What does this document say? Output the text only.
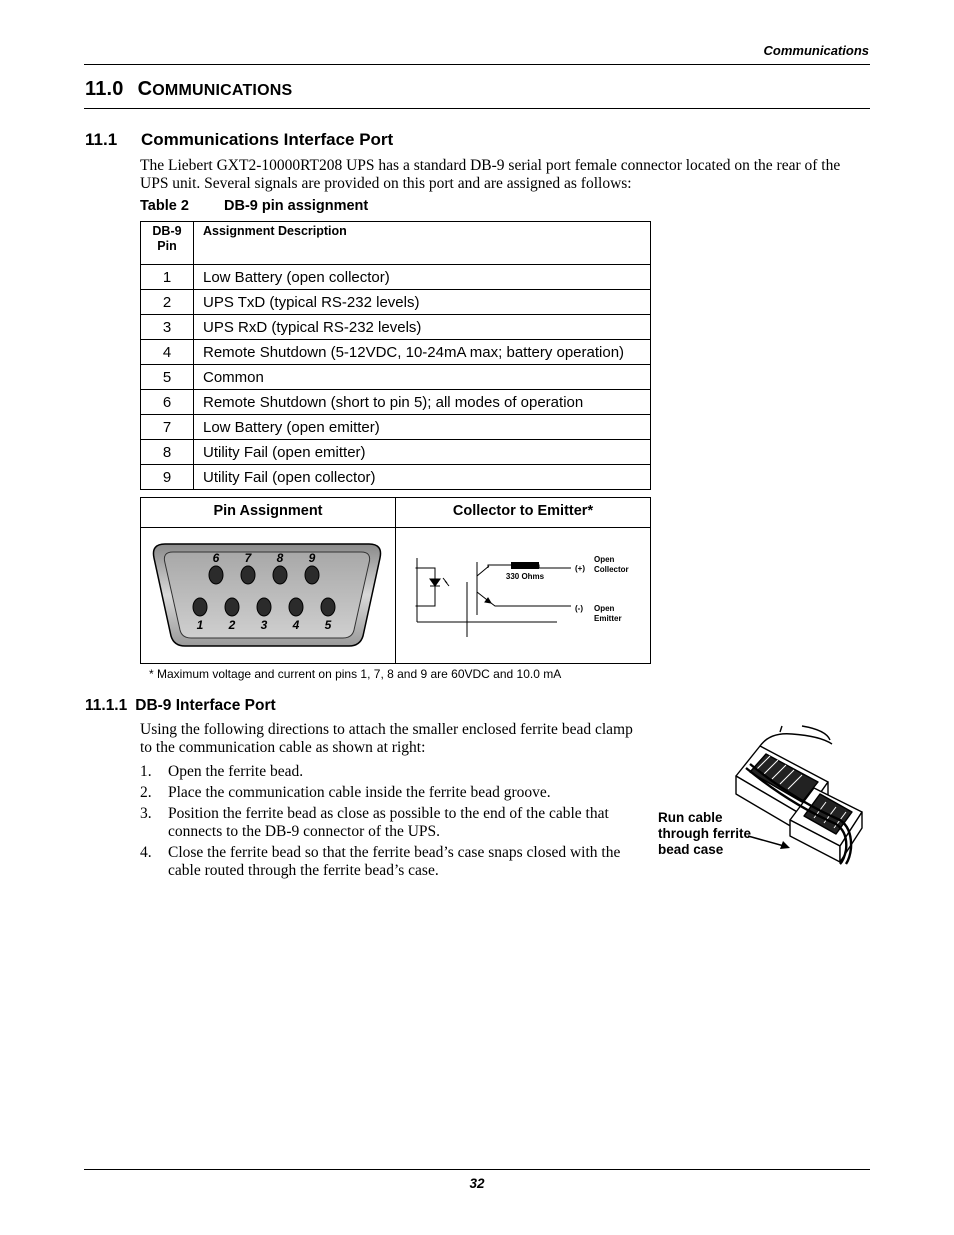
Communications
11.0 COMMUNICATIONS
11.1 Communications Interface Port
The Liebert GXT2-10000RT208 UPS has a standard DB-9 serial port female connector located on the rear of the UPS unit. Several signals are provided on this port and are assigned as follows:
Table 2 DB-9 pin assignment
DB-9
Pin	Assignment Description
1	Low Battery (open collector)
2	UPS TxD (typical RS-232 levels)
3	UPS RxD (typical RS-232 levels)
4	Remote Shutdown (5-12VDC, 10-24mA max; battery operation)
5	Common
6	Remote Shutdown (short to pin 5); all modes of operation
7	Low Battery (open emitter)
8	Utility Fail (open emitter)
9	Utility Fail (open collector)
Pin Assignment	Collector to Emitter*
6 7 8 9
1 2 3 4 5
330 Ohms
(+)
(-)
Open
Collector
Open
Emitter
* Maximum voltage and current on pins 1, 7, 8 and 9 are 60VDC and 10.0 mA
11.1.1 DB-9 Interface Port
Using the following directions to attach the smaller enclosed ferrite bead clamp to the communication cable as shown at right:
1. Open the ferrite bead.
2. Place the communication cable inside the ferrite bead groove.
3. Position the ferrite bead as close as possible to the end of the cable that connects to the DB-9 connector of the UPS.
4. Close the ferrite bead so that the ferrite bead’s case snaps closed with the cable routed through the ferrite bead’s case.
Run cable
through ferrite
bead case
32
